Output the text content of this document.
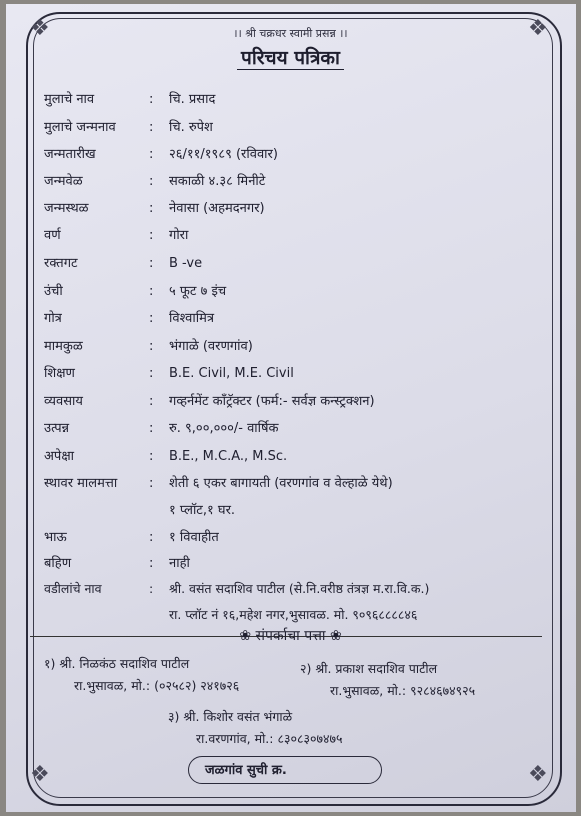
❖	❖
❖	❖
।। श्री चक्रधर स्वामी प्रसन्न ।।
परिचय पत्रिका
मुलाचे नाव	: चि. प्रसाद
मुलाचे जन्मनाव	: चि. रुपेश
जन्मतारीख	: २६/११/१९८९ (रविवार)
जन्मवेळ	: सकाळी ४.३८ मिनीटे
जन्मस्थळ	: नेवासा (अहमदनगर)
वर्ण	: गोरा
रक्तगट	: B -ve
उंची	: ५ फूट ७ इंच
गोत्र	: विश्वामित्र
मामकुळ	: भंगाळे (वरणगांव)
शिक्षण	: B.E. Civil, M.E. Civil
व्यवसाय	: गव्हर्नमेंट कॉंट्रॅक्टर (फर्म:- सर्वज्ञ कन्स्ट्रक्शन)
उत्पन्न	: रु. ९,००,०००/- वार्षिक
अपेक्षा	: B.E., M.C.A., M.Sc.
स्थावर मालमत्ता : शेती ६ एकर बागायती (वरणगांव व वेल्हाळे येथे)
१ प्लॉट,१ घर.
भाऊ	: १ विवाहीत
बहिण	: नाही
वडीलांचे नाव	: श्री. वसंत सदाशिव पाटील (से.नि.वरीष्ठ तंत्रज्ञ म.रा.वि.क.)
रा. प्लॉट नं १६,महेश नगर,भुसावळ. मो. ९०९६८८८८४६
❀ संपर्काचा पत्ता ❀
१) श्री. निळकंठ सदाशिव पाटील
रा.भुसावळ, मो.: (०२५८२) २४१७२६
२) श्री. प्रकाश सदाशिव पाटील
रा.भुसावळ, मो.: ९२८४६७४९२५
३) श्री. किशोर वसंत भंगाळे
रा.वरणगांव, मो.: ८३०८३०७४७५
जळगांव सुची क्र.
